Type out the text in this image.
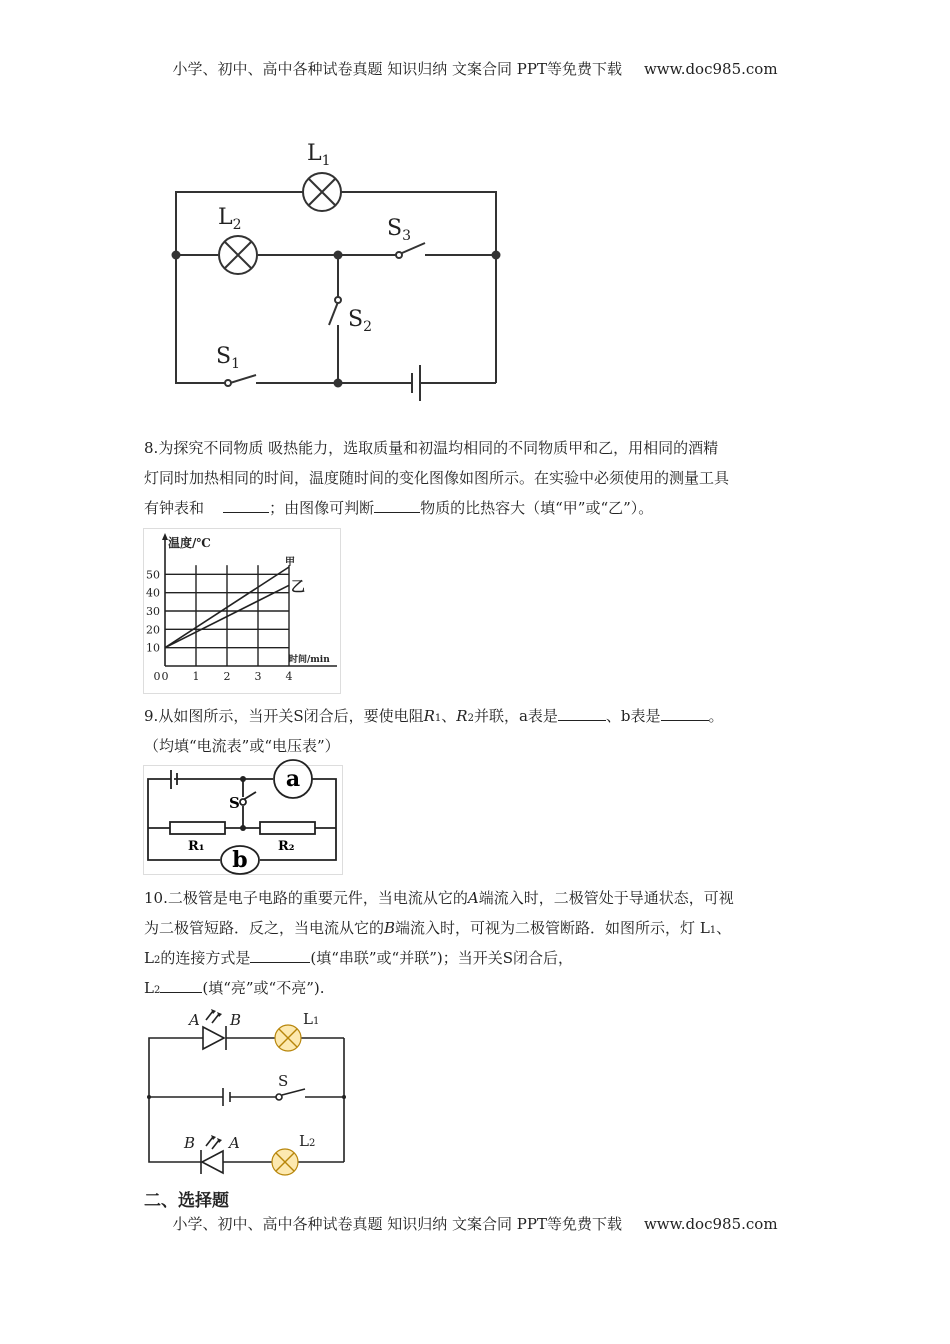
小学、初中、高中各种试卷真题 知识归纳 文案合同 PPT等免费下载 www.doc985.com
$L_1$
$L_2$	$S_3$
$S_2$
$S_1$

8.为探究不同物质 吸热能力，选取质量和初温均相同的不同物质甲和乙，用相同的酒精

灯同时加热相同的时间，温度随时间的变化图像如图所示。在实验中必须使用的测量工具

有钟表和	；由图像可判断	物质的比热容大（填“甲”或“乙”）。

0 1 2 3 4
10
20
30
40
50
0
温度/℃
时间/min
甲
乙

9.从如图所示，当开关S闭合后，要使电阻R1、R2并联，a表是	、b表是	。

（均填“电流表”或“电压表”）

a
b
S
R₁	R₂

10.二极管是电子电路的重要元件，当电流从它的A端流入时，二极管处于导通状态，可视

为二极管短路．反之，当电流从它的B端流入时，可视为二极管断路．如图所示，灯 L1、

L2的连接方式是	(填“串联”或“并联”)；当开关S闭合后，

L2	(填“亮”或“不亮”).

A B	L1
S
B A	L2

二、选择题

小学、初中、高中各种试卷真题 知识归纳 文案合同 PPT等免费下载 www.doc985.com
